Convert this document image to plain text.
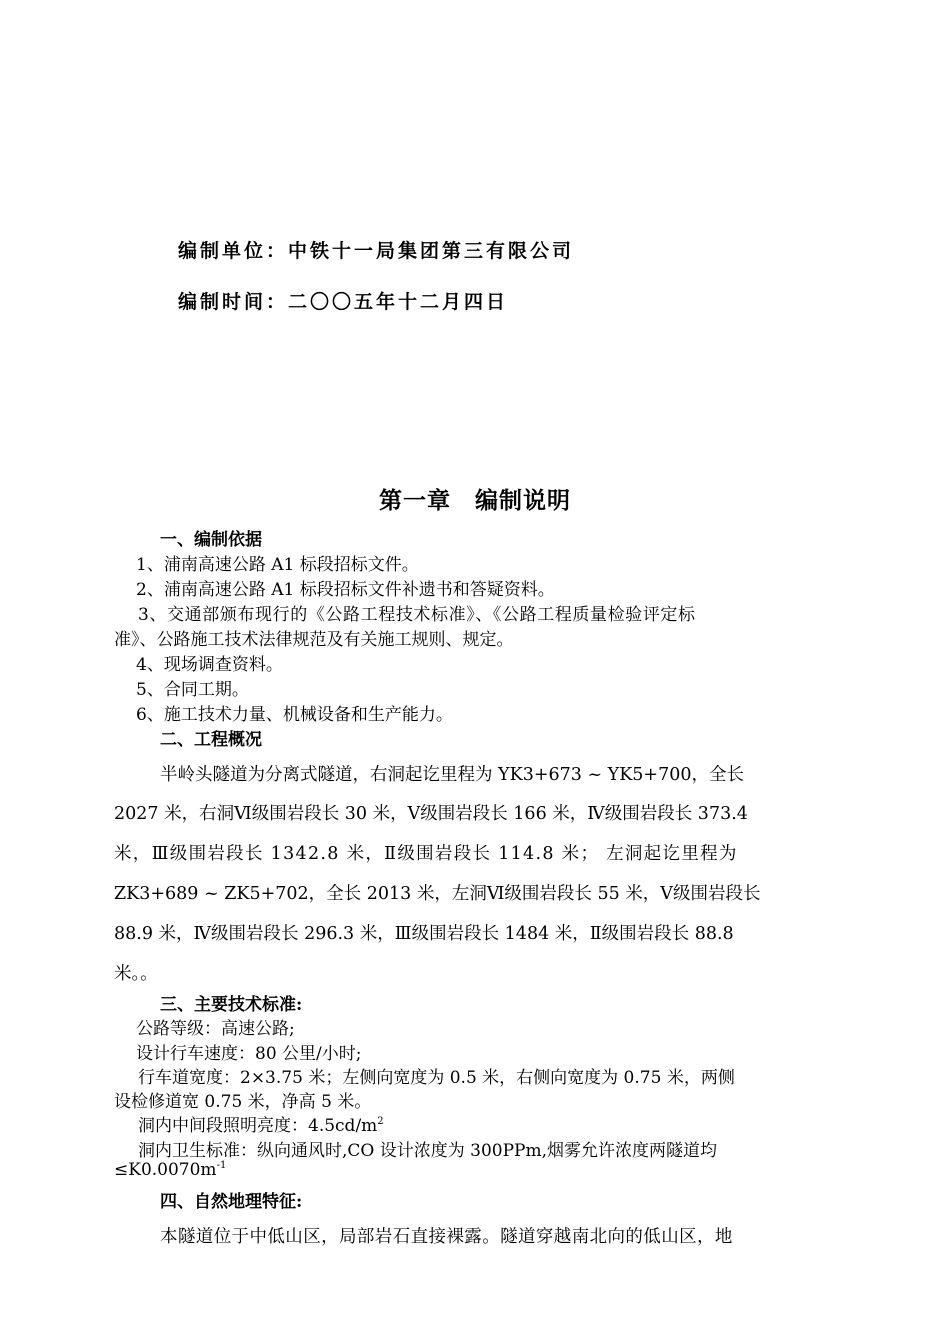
编制单位：中铁十一局集团第三有限公司
编制时间：二〇〇五年十二月四日
第一章　编制说明
一、编制依据
1、浦南高速公路 A1 标段招标文件。
2、浦南高速公路 A1 标段招标文件补遗书和答疑资料。
3、交通部颁布现行的《公路工程技术标准》、《公路工程质量检验评定标
准》、公路施工技术法律规范及有关施工规则、规定。
4、现场调查资料。
5、合同工期。
6、施工技术力量、机械设备和生产能力。
二、工程概况
半岭头隧道为分离式隧道，右洞起讫里程为 YK3+673 ~ YK5+700，全长
2027 米，右洞Ⅵ级围岩段长 30 米，Ⅴ级围岩段长 166 米，Ⅳ级围岩段长 373.4
米，Ⅲ级围岩段长 1342.8 米，Ⅱ级围岩段长 114.8 米； 左洞起讫里程为
ZK3+689 ~ ZK5+702，全长 2013 米，左洞Ⅵ级围岩段长 55 米，Ⅴ级围岩段长
88.9 米，Ⅳ级围岩段长 296.3 米，Ⅲ级围岩段长 1484 米，Ⅱ级围岩段长 88.8
米。。
三、主要技术标准:
公路等级：高速公路;
设计行车速度：80 公里/小时;
行车道宽度：2×3.75 米；左侧向宽度为 0.5 米，右侧向宽度为 0.75 米，两侧
设检修道宽 0.75 米，净高 5 米。
洞内中间段照明亮度：$4.5cd/m^2$
洞内卫生标准：纵向通风时,CO 设计浓度为 300PPm,烟雾允许浓度两隧道均
$\le K0.0070m^{-1}$
四、自然地理特征:
本隧道位于中低山区，局部岩石直接裸露。隧道穿越南北向的低山区，地
